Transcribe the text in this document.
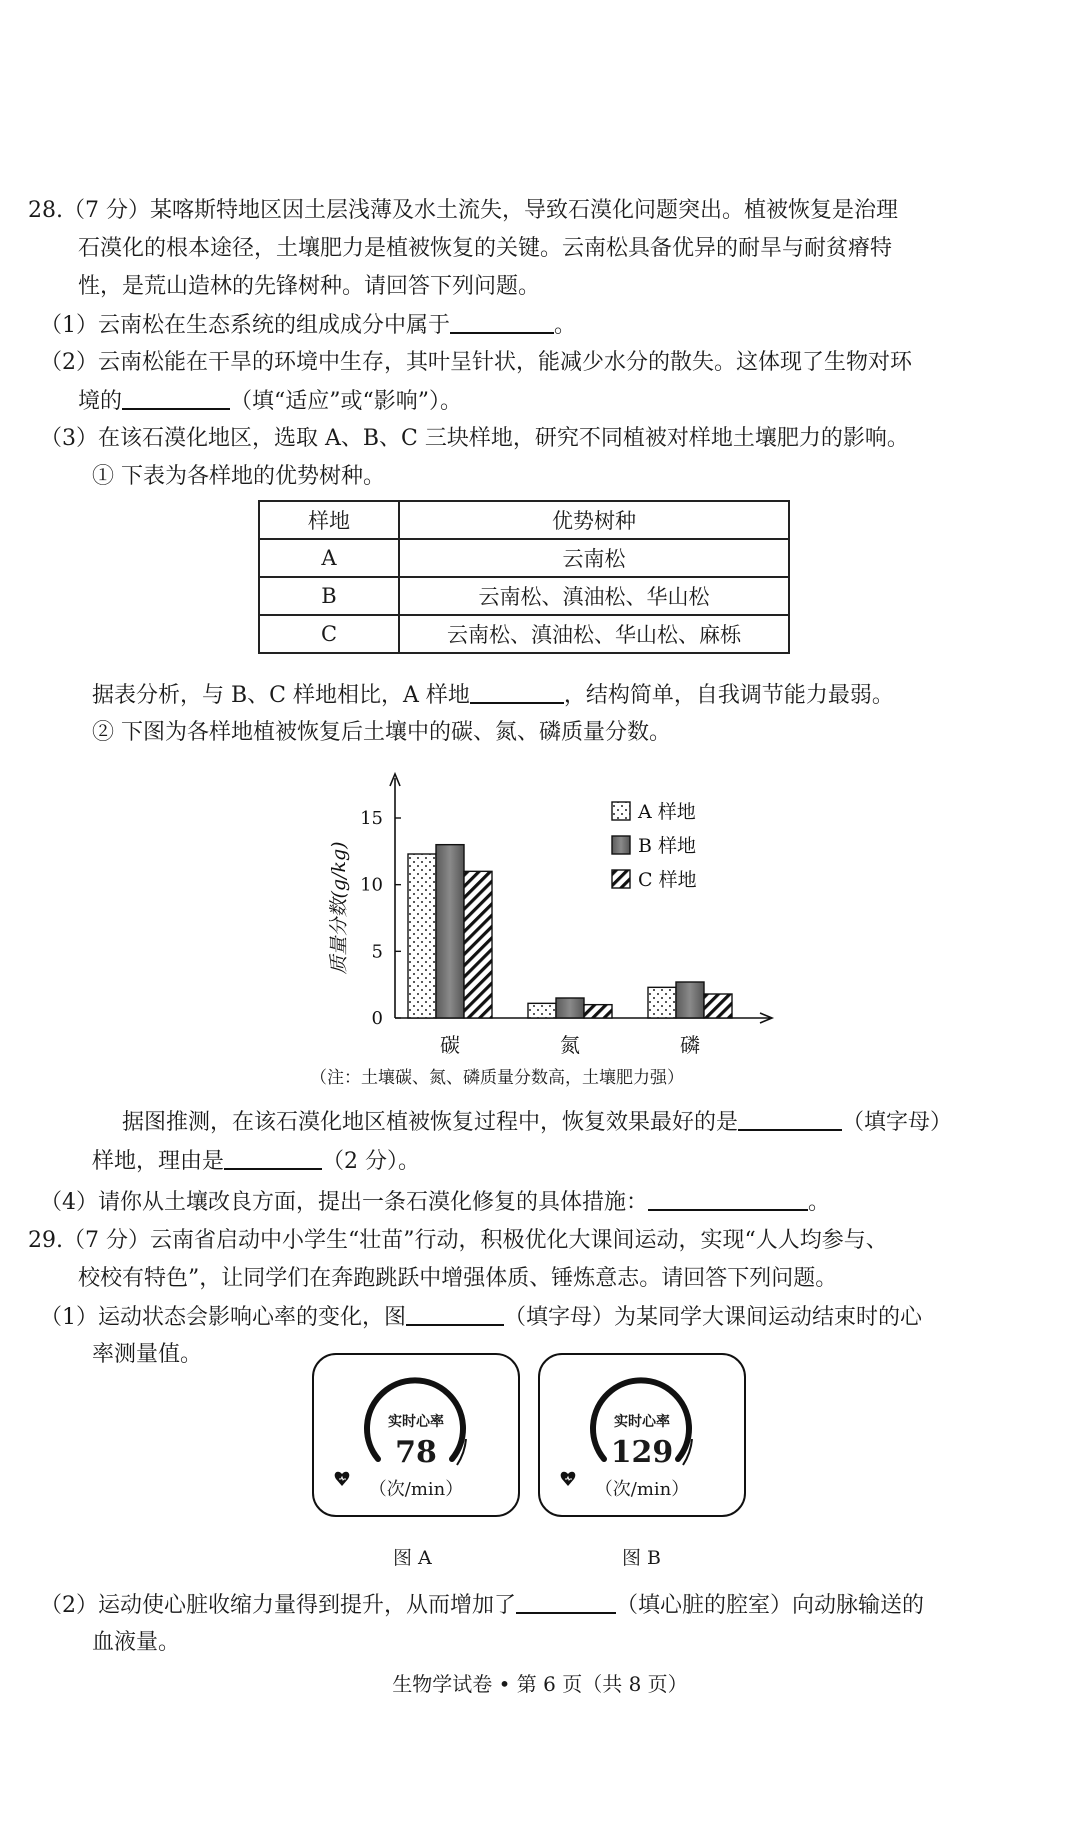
28.（7 分）某喀斯特地区因土层浅薄及水土流失，导致石漠化问题突出。植被恢复是治理
石漠化的根本途径，土壤肥力是植被恢复的关键。云南松具备优异的耐旱与耐贫瘠特
性，是荒山造林的先锋树种。请回答下列问题。
（1）云南松在生态系统的组成成分中属于	。
（2）云南松能在干旱的环境中生存，其叶呈针状，能减少水分的散失。这体现了生物对环
境的	（填“适应”或“影响”）。
（3）在该石漠化地区，选取 A、B、C 三块样地，研究不同植被对样地土壤肥力的影响。
① 下表为各样地的优势树种。
样地	优势树种
A	云南松
B	云南松、滇油松、华山松
C	云南松、滇油松、华山松、麻栎
据表分析，与 B、C 样地相比，A 样地	，结构简单，自我调节能力最弱。
② 下图为各样地植被恢复后土壤中的碳、氮、磷质量分数。
0
5
10
15
质量分数(g/kg)
碳	氮	磷
A 样地
B 样地
C 样地
（注：土壤碳、氮、磷质量分数高，土壤肥力强）
据图推测，在该石漠化地区植被恢复过程中，恢复效果最好的是	（填字母）
样地，理由是	（2 分）。
（4）请你从土壤改良方面，提出一条石漠化修复的具体措施：	。
29.（7 分）云南省启动中小学生“壮苗”行动，积极优化大课间运动，实现“人人均参与、
校校有特色”，让同学们在奔跑跳跃中增强体质、锤炼意志。请回答下列问题。
（1）运动状态会影响心率的变化，图	（填字母）为某同学大课间运动结束时的心
率测量值。
实时心率
78
（次/min）
实时心率
129
（次/min）
图 A	图 B
（2）运动使心脏收缩力量得到提升，从而增加了	（填心脏的腔室）向动脉输送的
血液量。
生物学试卷 • 第 6 页（共 8 页）
